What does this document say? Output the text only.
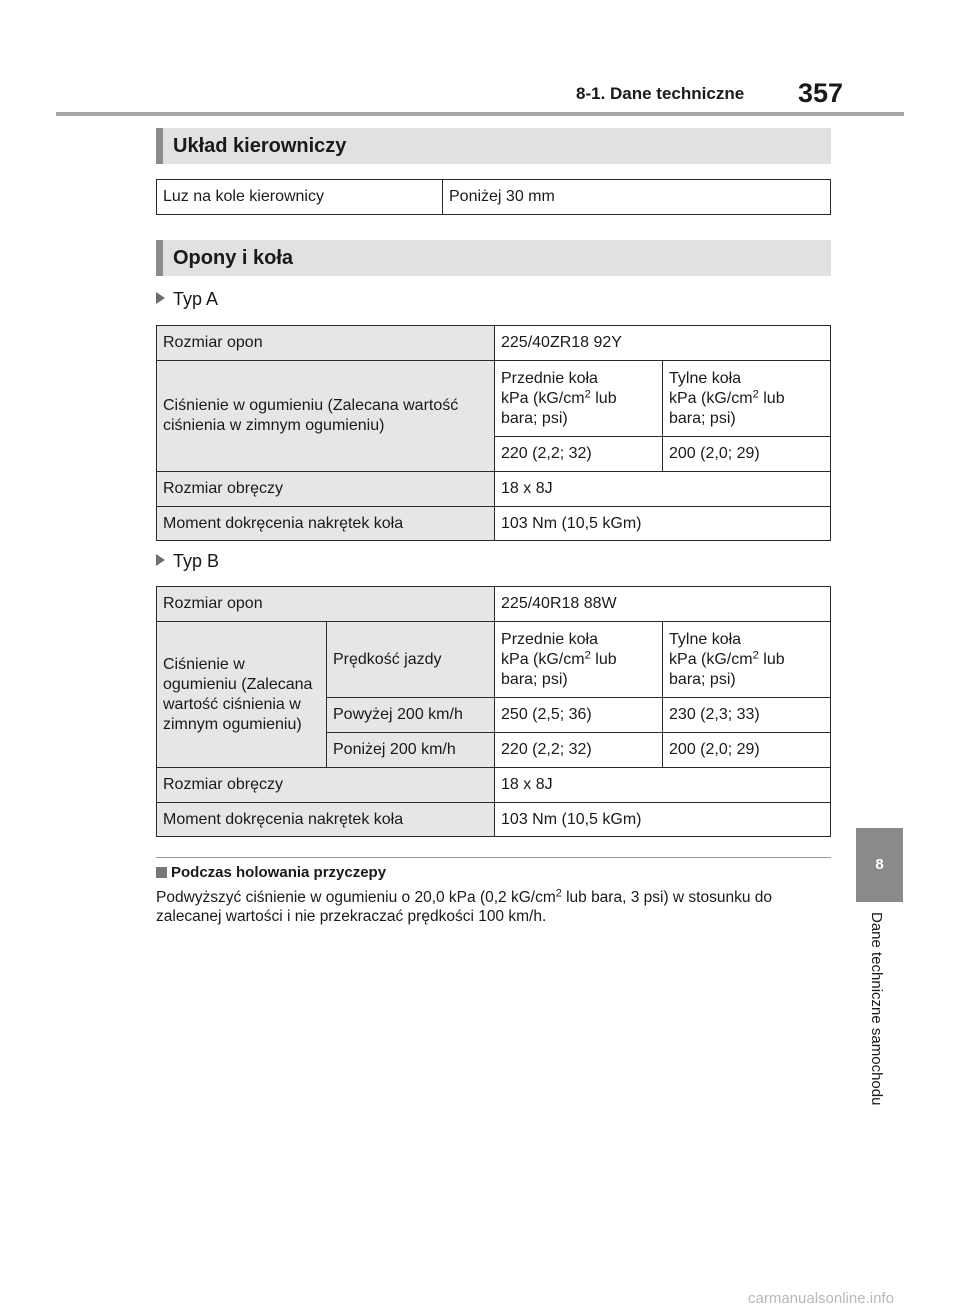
8-1. Dane techniczne 357
Układ kierowniczy
Luz na kole kierownicy	Poniżej 30 mm
Opony i koła
Typ A
Rozmiar opon	225/40ZR18 92Y	
Ciśnienie w ogumieniu (Zalecana wartość ciśnienia w zimnym ogumieniu)	Przednie koła
kPa ($kG/cm^2$ lub
bara; psi)	Tylne koła
kPa ($kG/cm^2$ lub
bara; psi)
	220 (2,2; 32)	200 (2,0; 29)
Rozmiar obręczy	18 x 8J	
Moment dokręcenia nakrętek koła	103 Nm (10,5 kGm)	
Typ B
Rozmiar opon		225/40R18 88W	
Ciśnienie w ogumieniu (Zalecana wartość ciśnienia w zimnym ogumieniu)	Prędkość jazdy	Przednie koła
kPa ($kG/cm^2$ lub
bara; psi)	Tylne koła
kPa ($kG/cm^2$ lub
bara; psi)
	Powyżej 200 km/h	250 (2,5; 36)	230 (2,3; 33)
	Poniżej 200 km/h	220 (2,2; 32)	200 (2,0; 29)
Rozmiar obręczy		18 x 8J	
Moment dokręcenia nakrętek koła		103 Nm (10,5 kGm)	
Podczas holowania przyczepy
Podwyższyć ciśnienie w ogumieniu o 20,0 kPa (0,2 $kG/cm^2$ lub bara, 3 psi) w stosunku do zalecanej wartości i nie przekraczać prędkości 100 km/h.
8
Dane techniczne samochodu
carmanualsonline.info
